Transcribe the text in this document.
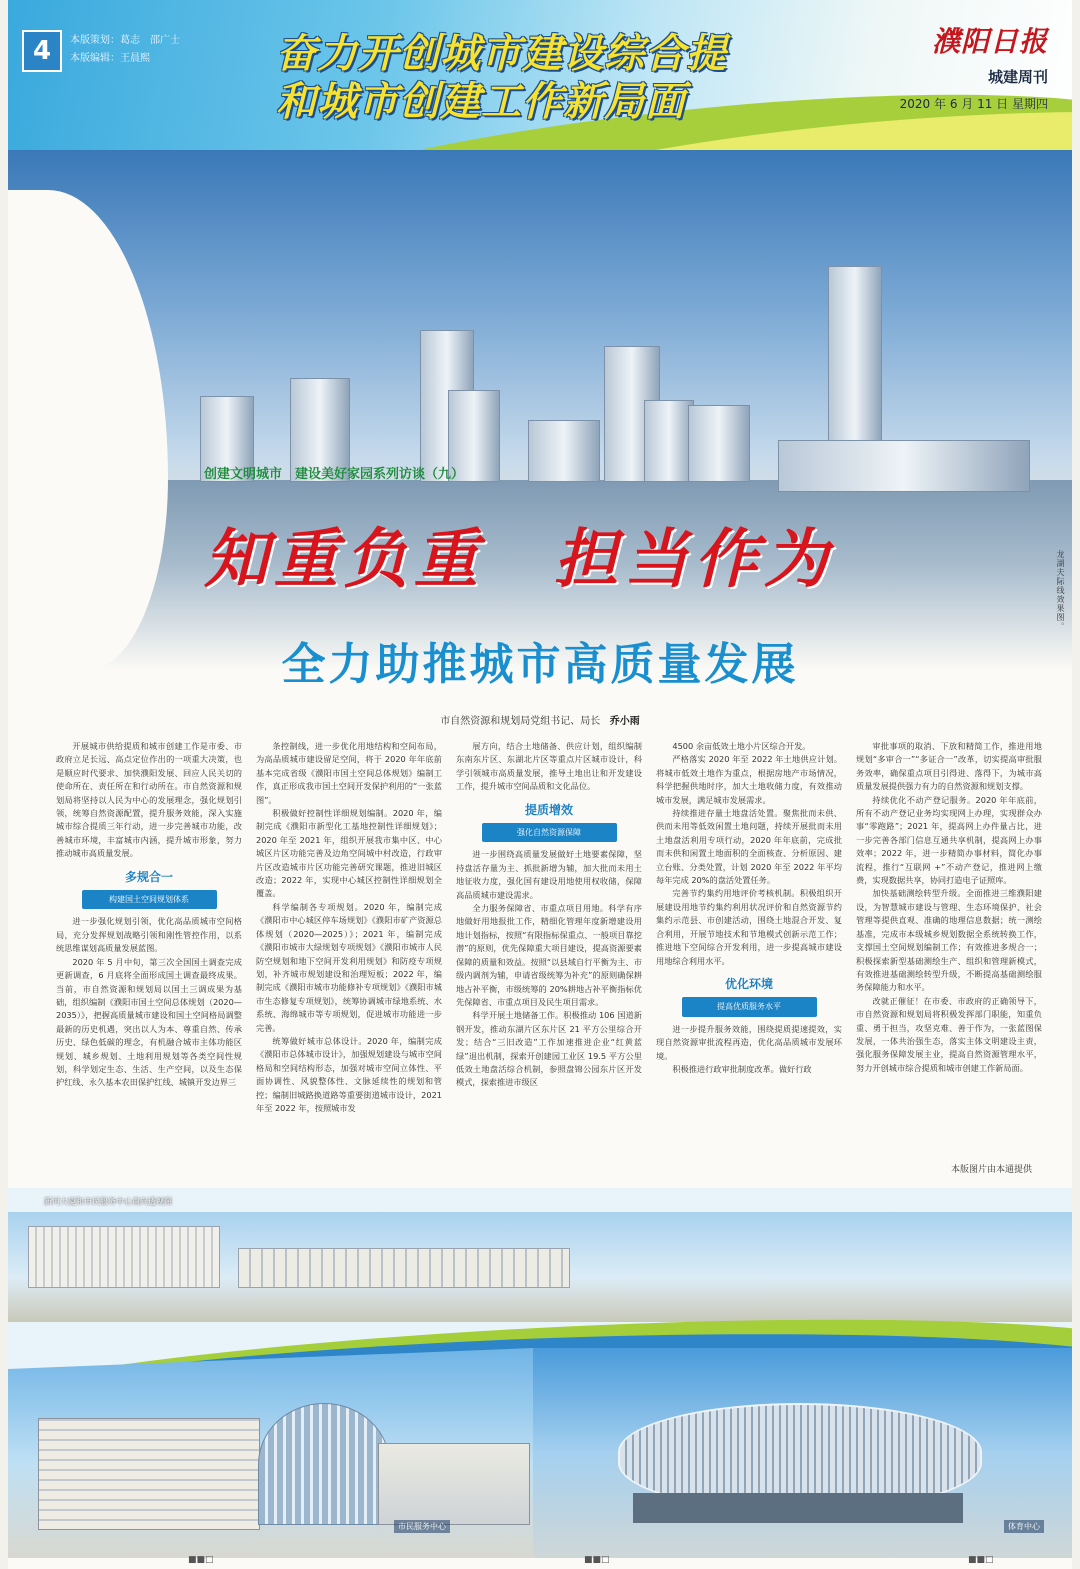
4	本版策划：葛志　邵广士
本版编辑：王晨熙	奋力开创城市建设综合提
和城市创建工作新局面
濮阳日报
城建周刊
2020 年 6 月 11 日 星期四
创建文明城市　建设美好家园系列访谈（九）
知重负重　担当作为	龙湖夫际线效果图。
全力助推城市高质量发展
市自然资源和规划局党组书记、局长 乔小雨

开展城市供给提质和城市创建工作是市委、市政府立足长远、高点定位作出的一项重大决策，也是顺应时代要求、加快濮阳发展、回应人民关切的使命所在、责任所在和行动所在。市自然资源和规划局将坚持以人民为中心的发展理念，强化规划引领，统筹自然资源配置，提升服务效能，深入实施城市综合提质三年行动，进一步完善城市功能，改善城市环境，丰富城市内涵，提升城市形象，努力推动城市高质量发展。

多规合一
构建国土空间规划体系

进一步强化规划引领，优化高品质城市空间格局，充分发挥规划战略引领和刚性管控作用，以系统思维谋划高质量发展蓝图。

2020 年 5 月中旬，第三次全国国土调查完成更新调查，6 月底将全面形成国土调查最终成果。当前，市自然资源和规划局以国土三调成果为基础，组织编制《濮阳市国土空间总体规划（2020—2035）》，把握高质量城市建设和国土空间格局调整最新的历史机遇，突出以人为本、尊重自然、传承历史、绿色低碳的理念，有机融合城市主体功能区规划、城乡规划、土地利用规划等各类空间性规划，科学划定生态、生活、生产空间，以及生态保护红线、永久基本农田保护红线、城镇开发边界三

条控制线，进一步优化用地结构和空间布局，为高品质城市建设留足空间，将于 2020 年年底前基本完成省级《濮阳市国土空间总体规划》编制工作，真正形成我市国土空间开发保护利用的“一张蓝图”。

积极做好控制性详细规划编制。2020 年，编制完成《濮阳市新型化工基地控制性详细规划》；2020 年至 2021 年，组织开展我市集中区、中心城区片区功能完善及边角空间城中村改造，行政审片区改造城市片区功能完善研究课题，推进旧城区改造；2022 年，实现中心城区控制性详细规划全覆盖。

科学编制各专项规划。2020 年，编制完成《濮阳市中心城区停车场规划》《濮阳市矿产资源总体规划（2020—2025）》；2021 年，编制完成《濮阳市城市大绿规划专项规划》《濮阳市城市人民防空规划和地下空间开发利用规划》和防疫专项规划，补齐城市规划建设和治理短板；2022 年，编制完成《濮阳市城市功能修补专项规划》《濮阳市城市生态修复专项规划》，统筹协调城市绿地系统、水系统、海绵城市等专项规划，促进城市功能进一步完善。

统筹做好城市总体设计。2020 年，编制完成《濮阳市总体城市设计》，加强规划建设与城市空间格局和空间结构形态，加强对城市空间立体性、平面协调性、风貌整体性、文脉延续性的规划和管控；编制旧城路换道路等重要街道城市设计，2021 年至 2022 年，按照城市发

展方向，结合土地储备、供应计划，组织编制东南东片区、东湖北片区等重点片区城市设计，科学引领城市高质量发展，推导土地出让和开发建设工作，提升城市空间品质和文化品位。

提质增效
强化自然资源保障

进一步围绕高质量发展做好土地要素保障，坚持盘活存量为主、抓批新增为辅，加大批而未用土地征收力度，强化国有建设用地使用权收储，保障高品质城市建设需求。

全力服务保障省、市重点项目用地。科学有序地做好用地报批工作，精细化管理年度新增建设用地计划指标，按照“有限指标保重点、一般项目靠挖潜”的原则，优先保障重大项目建设，提高资源要素保障的质量和效益。按照“以县域自行平衡为主、市级内调剂为辅，申请省级统筹为补充”的原则确保耕地占补平衡，市级统筹的 20%耕地占补平衡指标优先保障省、市重点项目及民生项目需求。

科学开展土地储备工作。积极推动 106 国道新钢开发，推动东湖片区东片区 21 平方公里综合开发；结合“三旧改造”工作加速推进企业“红黄蓝绿”退出机制，探索开创建园工业区 19.5 平方公里低效土地盘活综合机制，参照盘锦公园东片区开发模式，探索推进市级区

4500 余亩低效土地小片区综合开发。

严格落实 2020 年至 2022 年土地供应计划。将城市低效土地作为重点，根据房地产市场情况，科学把握供地时序，加大土地收储力度，有效推动城市发展，满足城市发展需求。

持续推进存量土地盘活处置。聚焦批而未供、供而未用等低效闲置土地问题，持续开展批而未用土地盘活利用专项行动，2020 年年底前，完成批而未供和闲置土地面积的全面核查、分析原因、建立台账、分类处置，计划 2020 年至 2022 年平均每年完成 20%的盘活处置任务。

完善节约集约用地评价考核机制。积极组织开展建设用地节约集约利用状况评价和自然资源节约集约示范县、市创建活动，围绕土地混合开发、复合利用，开展节地技术和节地模式创新示范工作；推进地下空间综合开发利用，进一步提高城市建设用地综合利用水平。

优化环境
提高优质服务水平

进一步提升服务效能，围绕提质提速提效，实现自然资源审批流程再造，优化高品质城市发展环境。

积极推进行政审批制度改革。做好行政

审批事项的取消、下放和精简工作，推进用地规划“多审合一”“多证合一”改革，切实提高审批服务效率，确保重点项目引得进、落得下，为城市高质量发展提供强力有力的自然资源和规划支撑。

持续优化不动产登记服务。2020 年年底前，所有不动产登记业务均实现网上办理，实现群众办事“零跑路”；2021 年，提高网上办件量占比，进一步完善各部门信息互通共享机制，提高网上办事效率；2022 年，进一步精简办事材料，简化办事流程，推行“互联网 +”不动产登记，推进网上缴费，实现数据共享，协同打造电子证照库。

加快基础测绘转型升级。全面推进三维濮阳建设，为智慧城市建设与管理、生态环境保护、社会管理等提供直观、准确的地理信息数据；统一测绘基准，完成市本级城乡规划数据全系统转换工作，支撑国土空间规划编制工作；有效推进多规合一；积极探索新型基础测绘生产、组织和管理新模式，有效推进基础测绘转型升级，不断提高基础测绘服务保障能力和水平。

改就正催征！在市委、市政府的正确领导下，市自然资源和规划局将积极发挥部门职能，知重负重、勇于担当，攻坚克难、善于作为，一张蓝图保发展，一体共治强生态，落实主体文明建设主责，强化服务保障发展主业，提高自然资源管理水平，努力开创城市综合提质和城市创建工作新局面。

本版图片由本通提供
新河大厦和市民服务中心南向透视图
市民服务中心	体育中心
■■□	■■□	■■□
